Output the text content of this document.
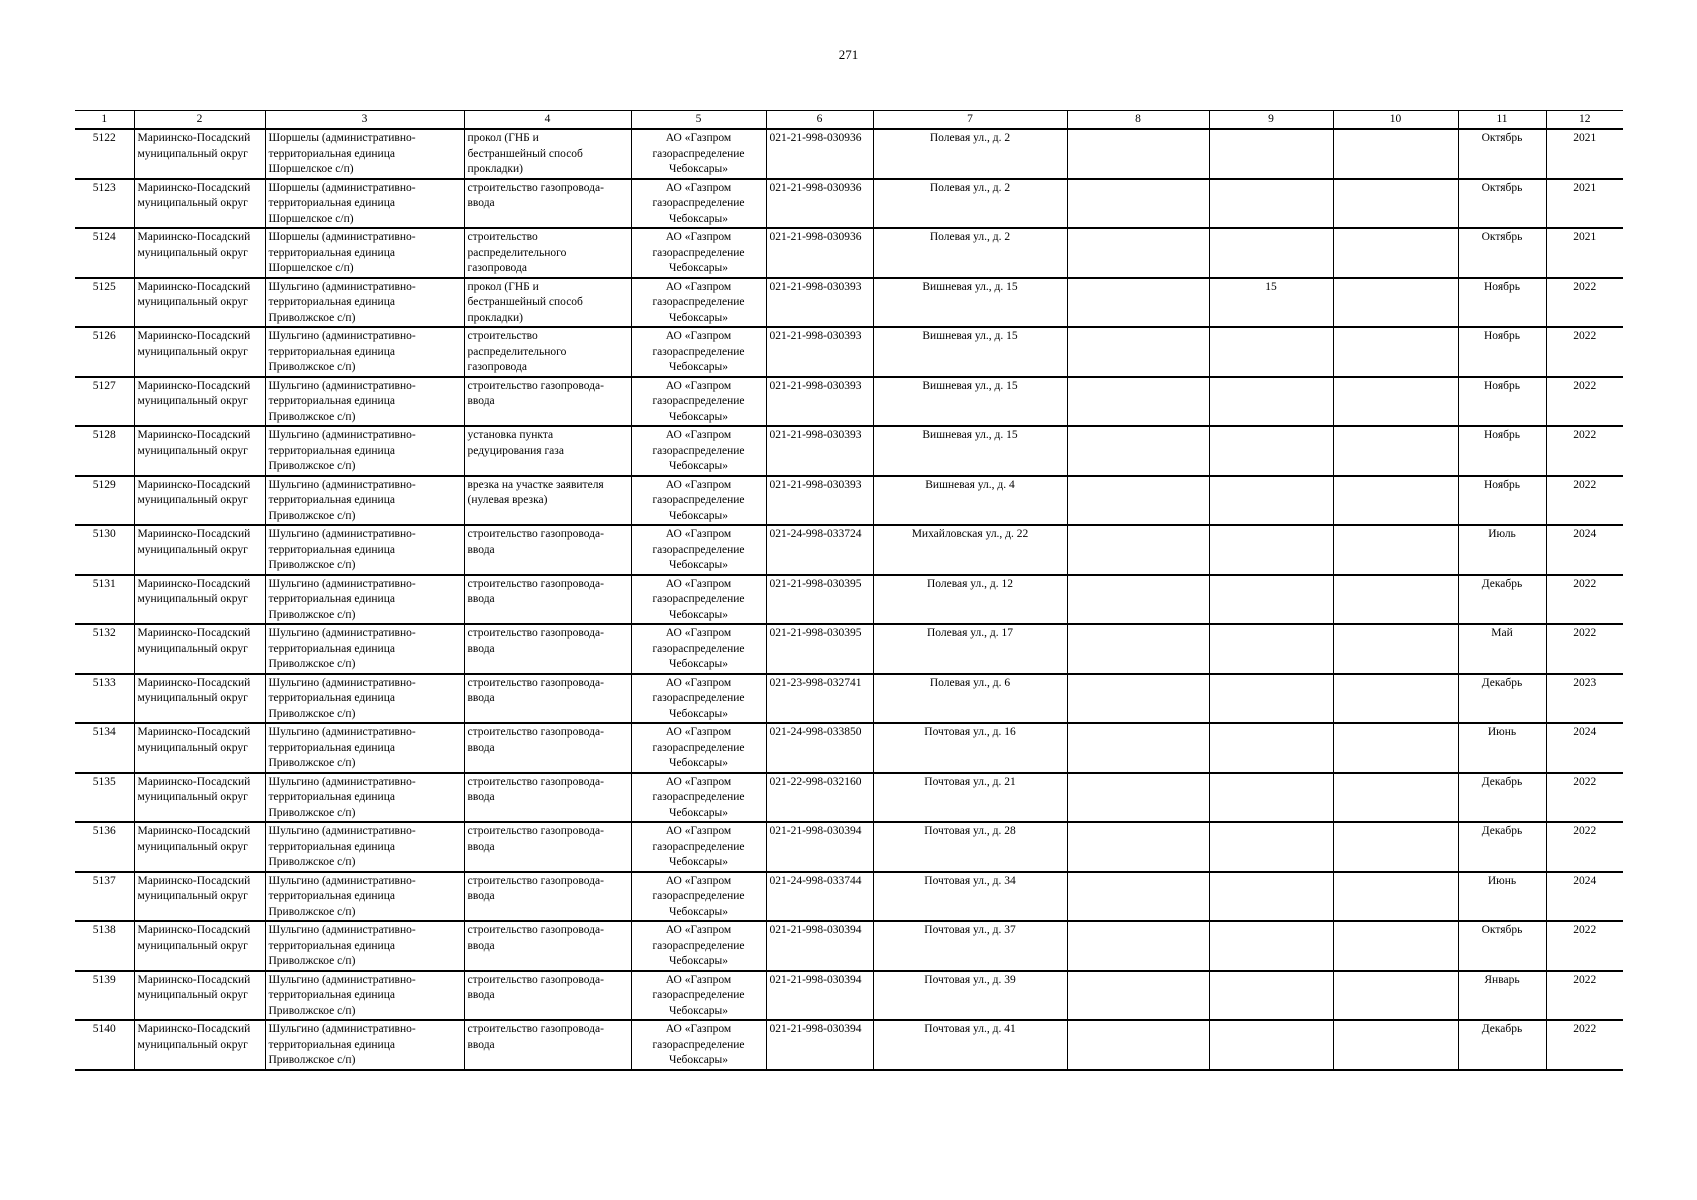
271
1	2	3	4	5	6	7	8	9	10	11	12

5122	Мариинско-Посадский
муниципальный округ	Шоршелы (административно-
территориальная единица
Шоршелское с/п)	прокол (ГНБ и
бестраншейный способ
прокладки)	АО «Газпром
газораспределение
Чебоксары»	021-21-998-030936	Полевая ул., д. 2				Октябрь	2021

5123	Мариинско-Посадский
муниципальный округ	Шоршелы (административно-
территориальная единица
Шоршелское с/п)	строительство газопровода-
ввода	АО «Газпром
газораспределение
Чебоксары»	021-21-998-030936	Полевая ул., д. 2				Октябрь	2021

5124	Мариинско-Посадский
муниципальный округ	Шоршелы (административно-
территориальная единица
Шоршелское с/п)	строительство
распределительного
газопровода	АО «Газпром
газораспределение
Чебоксары»	021-21-998-030936	Полевая ул., д. 2				Октябрь	2021

5125	Мариинско-Посадский
муниципальный округ	Шульгино (административно-
территориальная единица
Приволжское с/п)	прокол (ГНБ и
бестраншейный способ
прокладки)	АО «Газпром
газораспределение
Чебоксары»	021-21-998-030393	Вишневая ул., д. 15		15		Ноябрь	2022

5126	Мариинско-Посадский
муниципальный округ	Шульгино (административно-
территориальная единица
Приволжское с/п)	строительство
распределительного
газопровода	АО «Газпром
газораспределение
Чебоксары»	021-21-998-030393	Вишневая ул., д. 15				Ноябрь	2022

5127	Мариинско-Посадский
муниципальный округ	Шульгино (административно-
территориальная единица
Приволжское с/п)	строительство газопровода-
ввода	АО «Газпром
газораспределение
Чебоксары»	021-21-998-030393	Вишневая ул., д. 15				Ноябрь	2022

5128	Мариинско-Посадский
муниципальный округ	Шульгино (административно-
территориальная единица
Приволжское с/п)	установка пункта
редуцирования газа	АО «Газпром
газораспределение
Чебоксары»	021-21-998-030393	Вишневая ул., д. 15				Ноябрь	2022

5129	Мариинско-Посадский
муниципальный округ	Шульгино (административно-
территориальная единица
Приволжское с/п)	врезка на участке заявителя
(нулевая врезка)	АО «Газпром
газораспределение
Чебоксары»	021-21-998-030393	Вишневая ул., д. 4				Ноябрь	2022

5130	Мариинско-Посадский
муниципальный округ	Шульгино (административно-
территориальная единица
Приволжское с/п)	строительство газопровода-
ввода	АО «Газпром
газораспределение
Чебоксары»	021-24-998-033724	Михайловская ул., д. 22				Июль	2024

5131	Мариинско-Посадский
муниципальный округ	Шульгино (административно-
территориальная единица
Приволжское с/п)	строительство газопровода-
ввода	АО «Газпром
газораспределение
Чебоксары»	021-21-998-030395	Полевая ул., д. 12				Декабрь	2022

5132	Мариинско-Посадский
муниципальный округ	Шульгино (административно-
территориальная единица
Приволжское с/п)	строительство газопровода-
ввода	АО «Газпром
газораспределение
Чебоксары»	021-21-998-030395	Полевая ул., д. 17				Май	2022

5133	Мариинско-Посадский
муниципальный округ	Шульгино (административно-
территориальная единица
Приволжское с/п)	строительство газопровода-
ввода	АО «Газпром
газораспределение
Чебоксары»	021-23-998-032741	Полевая ул., д. 6				Декабрь	2023

5134	Мариинско-Посадский
муниципальный округ	Шульгино (административно-
территориальная единица
Приволжское с/п)	строительство газопровода-
ввода	АО «Газпром
газораспределение
Чебоксары»	021-24-998-033850	Почтовая ул., д. 16				Июнь	2024

5135	Мариинско-Посадский
муниципальный округ	Шульгино (административно-
территориальная единица
Приволжское с/п)	строительство газопровода-
ввода	АО «Газпром
газораспределение
Чебоксары»	021-22-998-032160	Почтовая ул., д. 21				Декабрь	2022

5136	Мариинско-Посадский
муниципальный округ	Шульгино (административно-
территориальная единица
Приволжское с/п)	строительство газопровода-
ввода	АО «Газпром
газораспределение
Чебоксары»	021-21-998-030394	Почтовая ул., д. 28				Декабрь	2022

5137	Мариинско-Посадский
муниципальный округ	Шульгино (административно-
территориальная единица
Приволжское с/п)	строительство газопровода-
ввода	АО «Газпром
газораспределение
Чебоксары»	021-24-998-033744	Почтовая ул., д. 34				Июнь	2024

5138	Мариинско-Посадский
муниципальный округ	Шульгино (административно-
территориальная единица
Приволжское с/п)	строительство газопровода-
ввода	АО «Газпром
газораспределение
Чебоксары»	021-21-998-030394	Почтовая ул., д. 37				Октябрь	2022

5139	Мариинско-Посадский
муниципальный округ	Шульгино (административно-
территориальная единица
Приволжское с/п)	строительство газопровода-
ввода	АО «Газпром
газораспределение
Чебоксары»	021-21-998-030394	Почтовая ул., д. 39				Январь	2022

5140	Мариинско-Посадский
муниципальный округ	Шульгино (административно-
территориальная единица
Приволжское с/п)	строительство газопровода-
ввода	АО «Газпром
газораспределение
Чебоксары»	021-21-998-030394	Почтовая ул., д. 41				Декабрь	2022
